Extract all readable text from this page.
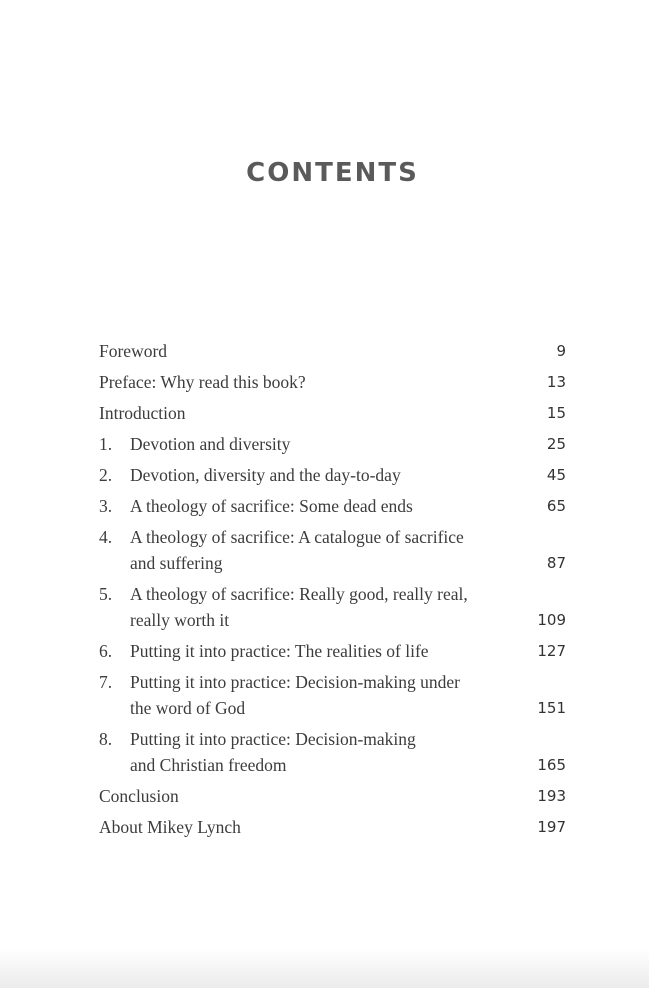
CONTENTS
Foreword	9
Preface: Why read this book?	13
Introduction	15
1. Devotion and diversity	25
2. Devotion, diversity and the day-to-day	45
3. A theology of sacrifice: Some dead ends	65
4. A theology of sacrifice: A catalogue of sacrifice
and suffering	87
5. A theology of sacrifice: Really good, really real,
really worth it	109
6. Putting it into practice: The realities of life	127
7. Putting it into practice: Decision-making under
the word of God	151
8. Putting it into practice: Decision-making
and Christian freedom	165
Conclusion	193
About Mikey Lynch	197
